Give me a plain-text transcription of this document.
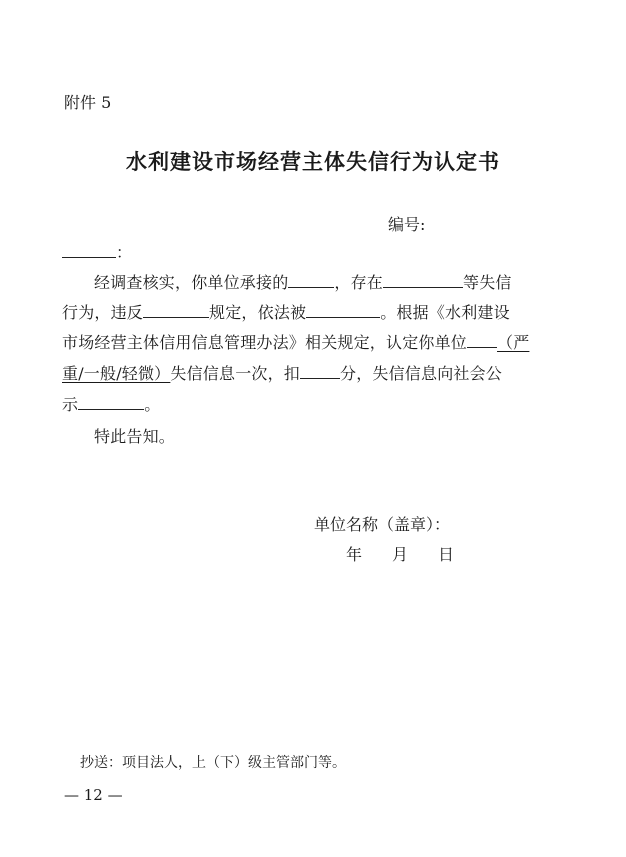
附件 5
水利建设市场经营主体失信行为认定书
编号:
：
经调查核实，你单位承接的	，存在	等失信
行为，违反	规定，依法被	。根据《水利建设
市场经营主体信用信息管理办法》相关规定，认定你单位 （严
重/一般/轻微）失信信息一次，扣	分，失信信息向社会公
示	。
特此告知。
单位名称（盖章）：
年 月 日
抄送：项目法人，上（下）级主管部门等。
— 12 —
